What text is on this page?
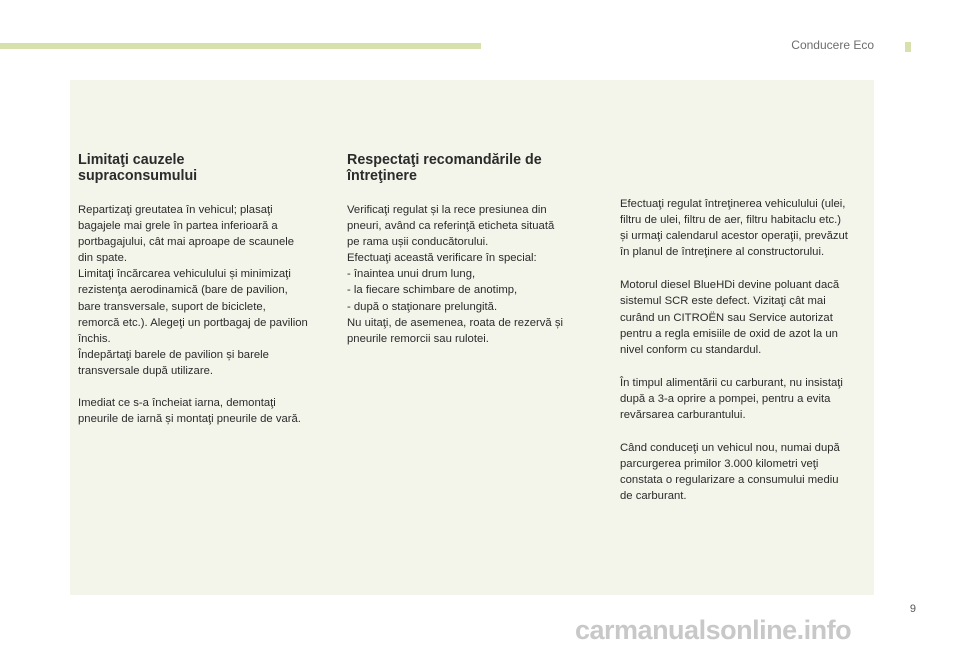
Conducere Eco
Limitaţi cauzele
supraconsumului

Repartizaţi greutatea în vehicul; plasaţi
bagajele mai grele în partea inferioară a
portbagajului, cât mai aproape de scaunele
din spate.
Limitaţi încărcarea vehiculului și minimizaţi
rezistenţa aerodinamică (bare de pavilion,
bare transversale, suport de biciclete,
remorcă etc.). Alegeţi un portbagaj de pavilion
închis.
Îndepărtaţi barele de pavilion și barele
transversale după utilizare.

Imediat ce s-a încheiat iarna, demontaţi
pneurile de iarnă și montaţi pneurile de vară.

Respectaţi recomandările de
întreţinere

Verificaţi regulat și la rece presiunea din
pneuri, având ca referinţă eticheta situată
pe rama ușii conducătorului.
Efectuaţi această verificare în special:
- înaintea unui drum lung,
- la fiecare schimbare de anotimp,
- după o staţionare prelungită.
Nu uitaţi, de asemenea, roata de rezervă și
pneurile remorcii sau rulotei.

Efectuaţi regulat întreţinerea vehiculului (ulei,
filtru de ulei, filtru de aer, filtru habitaclu etc.)
și urmaţi calendarul acestor operaţii, prevăzut
în planul de întreţinere al constructorului.

Motorul diesel BlueHDi devine poluant dacă
sistemul SCR este defect. Vizitaţi cât mai
curând un CITROËN sau Service autorizat
pentru a regla emisiile de oxid de azot la un
nivel conform cu standardul.

În timpul alimentării cu carburant, nu insistaţi
după a 3-a oprire a pompei, pentru a evita
revărsarea carburantului.

Când conduceţi un vehicul nou, numai după
parcurgerea primilor 3.000 kilometri veţi
constata o regularizare a consumului mediu
de carburant.

9
carmanualsonline.info
